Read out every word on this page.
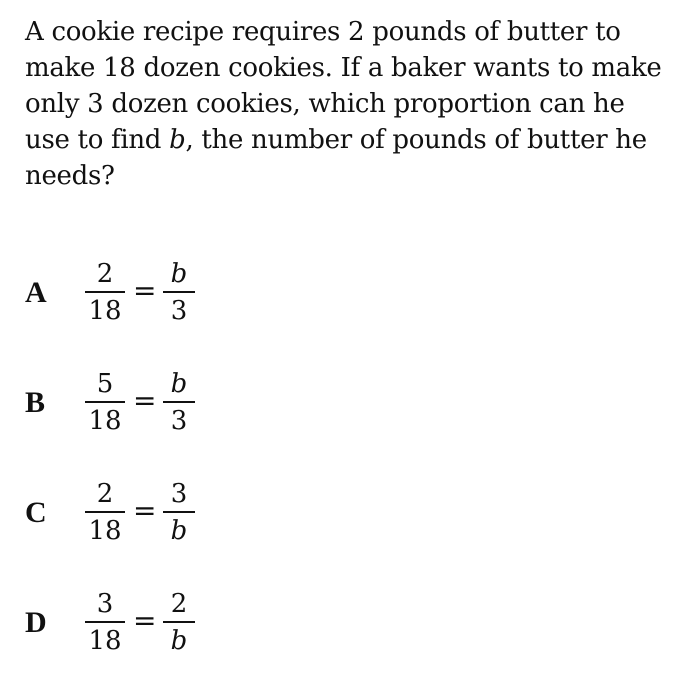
A cookie recipe requires 2 pounds of butter to make 18 dozen cookies. If a baker wants to make only 3 dozen cookies, which proportion can he use to find b, the number of pounds of butter he needs?
A
2
18
= b
3
B
5
18
= b
3
C
2
18
= 3
b
D
3
18
= 2
b
